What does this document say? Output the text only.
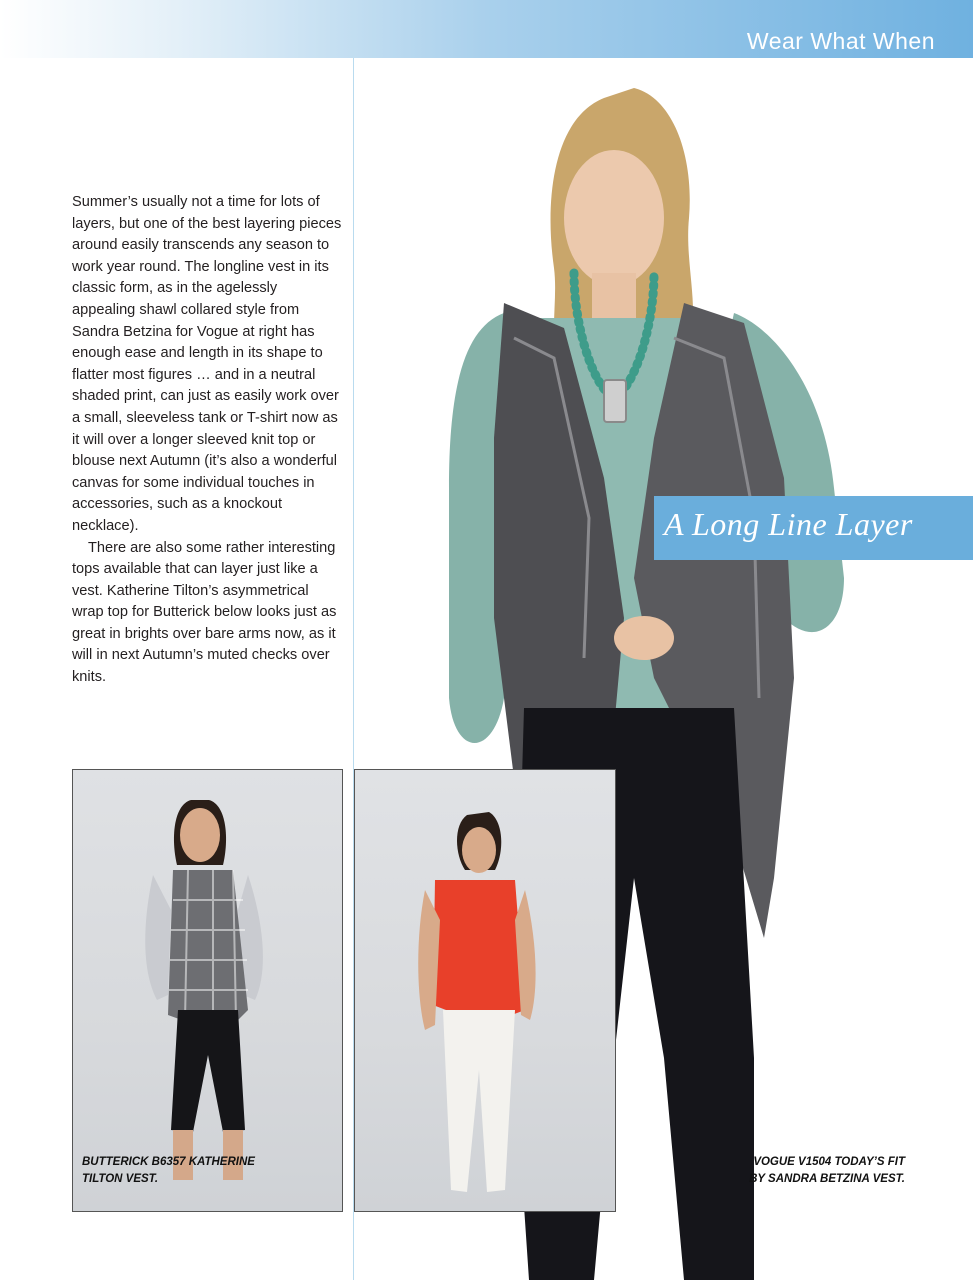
Wear What When

Summer’s usually not a time for lots of layers, but one of the best layering pieces around easily transcends any season to work year round. The longline vest in its classic form, as in the agelessly appealing shawl collared style from Sandra Betzina for Vogue at right has enough ease and length in its shape to flatter most figures … and in a neutral shaded print, can just as easily work over a small, sleeveless tank or T-shirt now as it will over a longer sleeved knit top or blouse next Autumn (it’s also a wonderful canvas for some individual touches in accessories, such as a knockout necklace).

There are also some rather interesting tops available that can layer just like a vest. Katherine Tilton’s asymmetrical wrap top for Butterick below looks just as great in brights over bare arms now, as it will in next Autumn’s muted checks over knits.

A Long Line Layer
BUTTERICK B6357 KATHERINE TILTON VEST.
VOGUE V1504 TODAY’S FIT BY SANDRA BETZINA VEST.
